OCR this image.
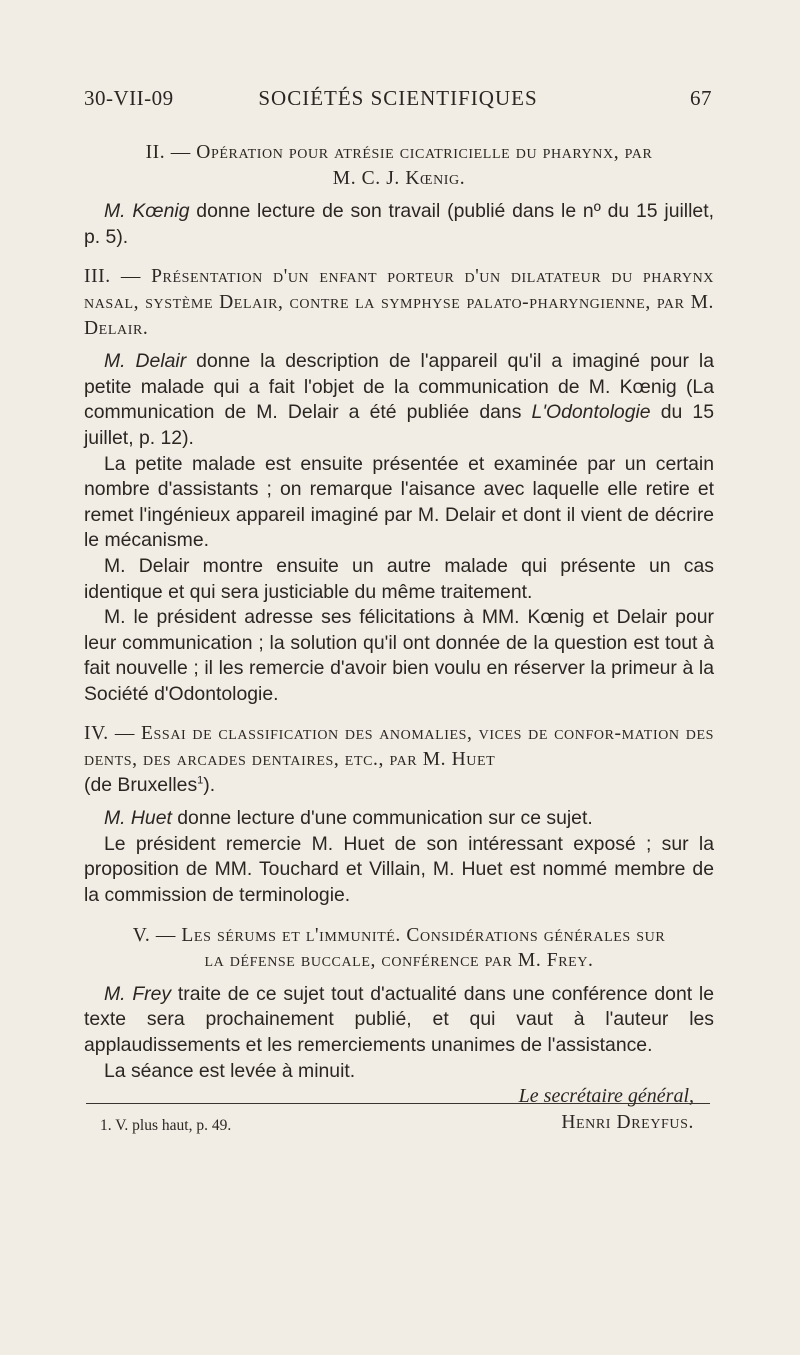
30-VII-09	SOCIÉTÉS SCIENTIFIQUES	67
II. — Opération pour atrésie cicatricielle du pharynx, par
M. C. J. Kœnig.

M. Kœnig donne lecture de son travail (publié dans le nº du 15 juillet, p. 5).

III. — Présentation d'un enfant porteur d'un dilatateur du pharynx nasal, système Delair, contre la symphyse palato-pharyngienne, par M. Delair.

M. Delair donne la description de l'appareil qu'il a imaginé pour la petite malade qui a fait l'objet de la communication de M. Kœnig (La communication de M. Delair a été publiée dans L'Odontologie du 15 juillet, p. 12).

La petite malade est ensuite présentée et examinée par un certain nombre d'assistants ; on remarque l'aisance avec laquelle elle retire et remet l'ingénieux appareil imaginé par M. Delair et dont il vient de décrire le mécanisme.

M. Delair montre ensuite un autre malade qui présente un cas identique et qui sera justiciable du même traitement.

M. le président adresse ses félicitations à MM. Kœnig et Delair pour leur communication ; la solution qu'il ont donnée de la question est tout à fait nouvelle ; il les remercie d'avoir bien voulu en réserver la primeur à la Société d'Odontologie.

IV. — Essai de classification des anomalies, vices de confor-mation des dents, des arcades dentaires, etc., par M. Huet
(de Bruxelles$^1$).

M. Huet donne lecture d'une communication sur ce sujet.

Le président remercie M. Huet de son intéressant exposé ; sur la proposition de MM. Touchard et Villain, M. Huet est nommé membre de la commission de terminologie.

V. — Les sérums et l'immunité. Considérations générales sur
la défense buccale, conférence par M. Frey.

M. Frey traite de ce sujet tout d'actualité dans une conférence dont le texte sera prochainement publié, et qui vaut à l'auteur les applaudissements et les remerciements unanimes de l'assistance.

La séance est levée à minuit.

Le secrétaire général,
Henri Dreyfus.
1. V. plus haut, p. 49.
